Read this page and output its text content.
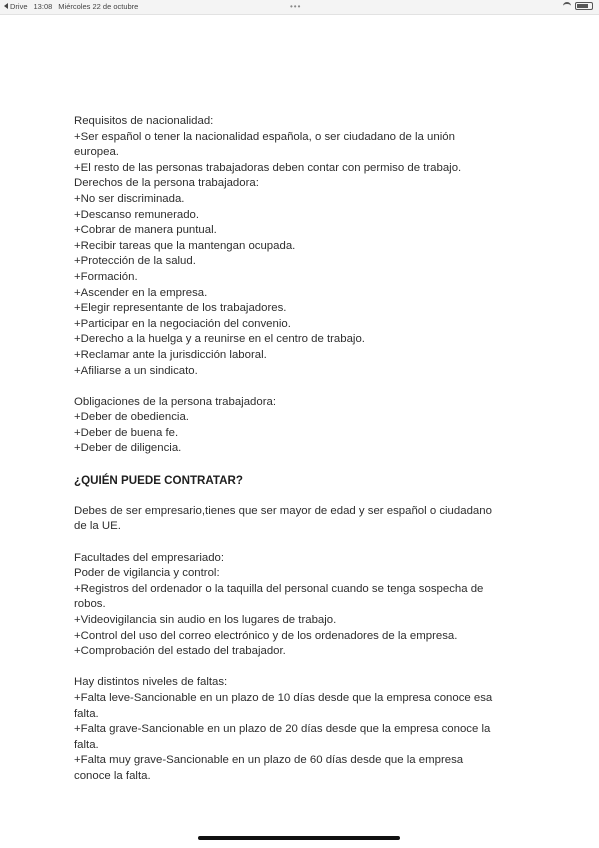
Drive 13:08 Miércoles 22 de octubre	•••
Requisitos de nacionalidad:
+Ser español o tener la nacionalidad española, o ser ciudadano de la unión
europea.
+El resto de las personas trabajadoras deben contar con permiso de trabajo.
Derechos de la persona trabajadora:
+No ser discriminada.
+Descanso remunerado.
+Cobrar de manera puntual.
+Recibir tareas que la mantengan ocupada.
+Protección de la salud.
+Formación.
+Ascender en la empresa.
+Elegir representante de los trabajadores.
+Participar en la negociación del convenio.
+Derecho a la huelga y a reunirse en el centro de trabajo.
+Reclamar ante la jurisdicción laboral.
+Afiliarse a un sindicato.
Obligaciones de la persona trabajadora:
+Deber de obediencia.
+Deber de buena fe.
+Deber de diligencia.
¿QUIÉN PUEDE CONTRATAR?
Debes de ser empresario,tienes que ser mayor de edad y ser español o ciudadano
de la UE.
Facultades del empresariado:
Poder de vigilancia y control:
+Registros del ordenador o la taquilla del personal cuando se tenga sospecha de
robos.
+Videovigilancia sin audio en los lugares de trabajo.
+Control del uso del correo electrónico y de los ordenadores de la empresa.
+Comprobación del estado del trabajador.
Hay distintos niveles de faltas:
+Falta leve-Sancionable en un plazo de 10 días desde que la empresa conoce esa
falta.
+Falta grave-Sancionable en un plazo de 20 días desde que la empresa conoce la
falta.
+Falta muy grave-Sancionable en un plazo de 60 días desde que la empresa
conoce la falta.
